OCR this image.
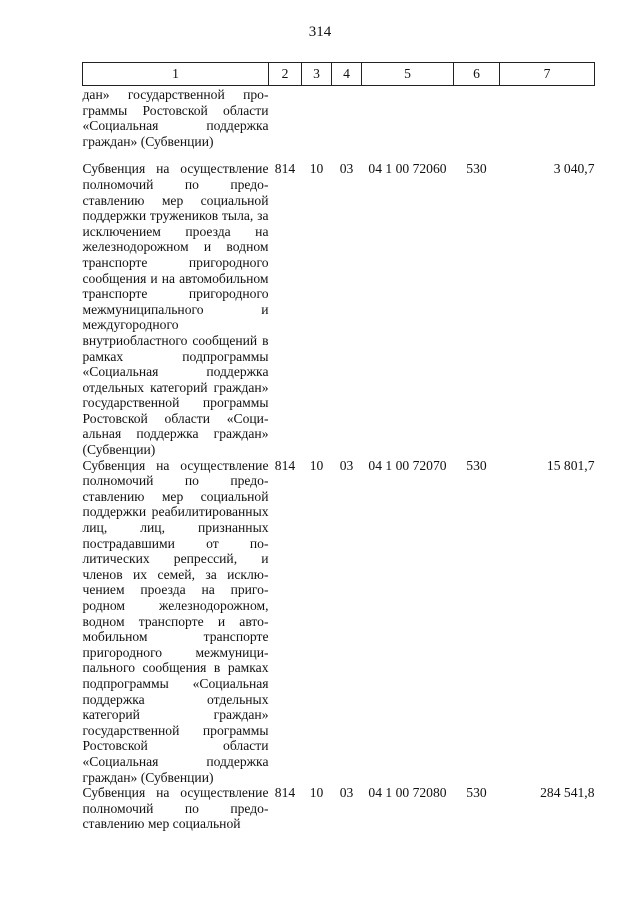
314
1	2	3	4	5	6	7
дан» государственной программы Ростовской области «Социальная поддержка граждан» (Субвенции)						
Субвенция на осуществление полномочий по предоставлению мер социальной поддержки тружеников тыла, за исключением проезда на железнодорожном и водном транспорте пригородного сообщения и на автомобильном транспорте пригородного межмуниципального и междугородного внутриобластного сообщений в рамках подпрограммы «Социальная поддержка отдельных категорий граждан» государственной программы Ростовской области «Социальная поддержка граждан» (Субвенции)	814	10	03	04 1 00 72060	530	3 040,7
Субвенция на осуществление полномочий по предоставлению мер социальной поддержки реабилитированных лиц, лиц, признанных пострадавшими от политических репрессий, и членов их семей, за исключением проезда на пригородном железнодорожном, водном транспорте и автомобильном транспорте пригородного межмуниципального сообщения в рамках подпрограммы «Социальная поддержка отдельных категорий граждан» государственной программы Ростовской области «Социальная поддержка граждан» (Субвенции)	814	10	03	04 1 00 72070	530	15 801,7
Субвенция на осуществление полномочий по предоставлению мер социальной	814	10	03	04 1 00 72080	530	284 541,8
